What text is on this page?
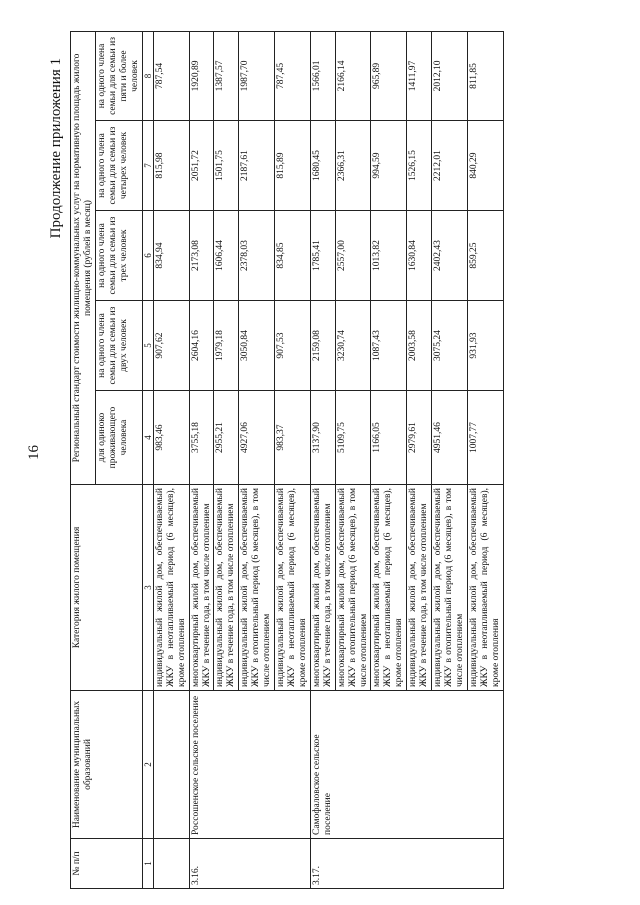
16
Продолжение приложения 1
№ п/п	Наименование муниципальных образований	Категория жилого помещения	Региональный стандарт стоимости жилищно-коммунальных услуг на нормативную площадь жилого помещения (рублей в месяц)				
			для одиноко проживающего человека	на одного члена семьи для семьи из двух человек	на одного члена семьи для семьи из трех человек	на одного члена семьи для семьи из четырех человек	на одного члена семьи для семьи из пяти и более человек
1	2	3	4	5	6	7	8
		индивидуальный жилой дом, обеспечиваемый ЖКУ в неотапливаемый период (6 месяцев), кроме отопления	983,46	907,62	834,94	815,98	787,54
3.16.	Россошенское сельское поселение	многоквартирный жилой дом, обеспечиваемый ЖКУ в течение года, в том числе отоплением	3755,18	2604,16	2173,08	2051,72	1920,89
		индивидуальный жилой дом, обеспечиваемый ЖКУ в течение года, в том числе отоплением	2955,21	1979,18	1606,44	1501,75	1387,57
		индивидуальный жилой дом, обеспечиваемый ЖКУ в отопительный период (6 месяцев), в том числе отоплением	4927,06	3050,84	2378,03	2187,61	1987,70
		индивидуальный жилой дом, обеспечиваемый ЖКУ в неотапливаемый период (6 месяцев), кроме отопления	983,37	907,53	834,85	815,89	787,45
3.17.	Самофаловское сельское поселение	многоквартирный жилой дом, обеспечиваемый ЖКУ в течение года, в том числе отоплением	3137,90	2159,08	1785,41	1680,45	1566,01
		многоквартирный жилой дом, обеспечиваемый ЖКУ в отопительный период (6 месяцев), в том числе отоплением	5109,75	3230,74	2557,00	2366,31	2166,14
		многоквартирный жилой дом, обеспечиваемый ЖКУ в неотапливаемый период (6 месяцев), кроме отопления	1166,05	1087,43	1013,82	994,59	965,89
		индивидуальный жилой дом, обеспечиваемый ЖКУ в течение года, в том числе отоплением	2979,61	2003,58	1630,84	1526,15	1411,97
		индивидуальный жилой дом, обеспечиваемый ЖКУ в отопительный период (6 месяцев), в том числе отоплением	4951,46	3075,24	2402,43	2212,01	2012,10
		индивидуальный жилой дом, обеспечиваемый ЖКУ в неотапливаемый период (6 месяцев), кроме отопления	1007,77	931,93	859,25	840,29	811,85
